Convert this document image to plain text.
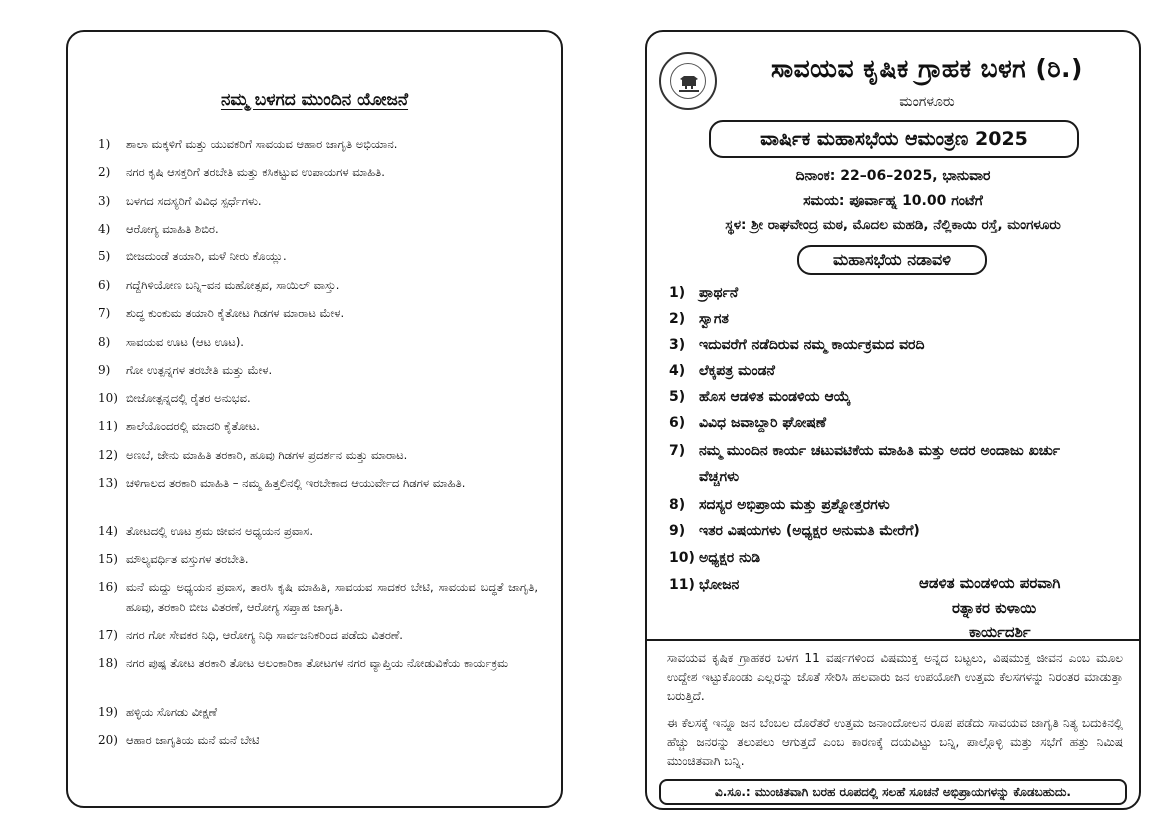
ನಮ್ಮ ಬಳಗದ ಮುಂದಿನ ಯೋಜನೆ
1)	ಶಾಲಾ ಮಕ್ಕಳಿಗೆ ಮತ್ತು ಯುವಕರಿಗೆ ಸಾವಯವ ಆಹಾರ ಜಾಗೃತಿ ಅಭಿಯಾನ.
2)	ನಗರ ಕೃಷಿ ಆಸಕ್ತರಿಗೆ ತರಬೇತಿ ಮತ್ತು ಕಸಿಕಟ್ಟುವ ಉಪಾಯಗಳ ಮಾಹಿತಿ.
3)	ಬಳಗದ ಸದಸ್ಯರಿಗೆ ವಿವಿಧ ಸ್ಪರ್ಧೆಗಳು.
4)	ಆರೋಗ್ಯ ಮಾಹಿತಿ ಶಿಬಿರ.
5)	ಬೀಜದುಂಡೆ ತಯಾರಿ, ಮಳೆ ನೀರು ಕೊಯ್ಲು.
6)	ಗದ್ದೆಗಿಳಿಯೋಣ ಬನ್ನಿ–ವನ ಮಹೋತ್ಸವ, ಸಾಯಿಲ್ ವಾಸ್ತು.
7)	ಶುದ್ಧ ಕುಂಕುಮ ತಯಾರಿ ಕೈತೋಟ ಗಿಡಗಳ ಮಾರಾಟ ಮೇಳ.
8)	ಸಾವಯವ ಊಟ (ಆಟ ಊಟ).
9)	ಗೋ ಉತ್ಪನ್ನಗಳ ತರಬೇತಿ ಮತ್ತು ಮೇಳ.
10) ಬೀಜೋತ್ಪನ್ನದಲ್ಲಿ ರೈತರ ಅನುಭವ.
11) ಶಾಲೆಯೊಂದರಲ್ಲಿ ಮಾದರಿ ಕೈತೋಟ.
12) ಅಣಬೆ, ಜೇನು ಮಾಹಿತಿ ತರಕಾರಿ, ಹೂವು ಗಿಡಗಳ ಪ್ರದರ್ಶನ ಮತ್ತು ಮಾರಾಟ.
13) ಚಳಿಗಾಲದ ತರಕಾರಿ ಮಾಹಿತಿ – ನಮ್ಮ ಹಿತ್ತಲಿನಲ್ಲಿ ಇರಬೇಕಾದ ಆಯುರ್ವೇದ ಗಿಡಗಳ ಮಾಹಿತಿ.
14) ತೋಟದಲ್ಲಿ ಊಟ ಶ್ರಮ ಜೀವನ ಅಧ್ಯಯನ ಪ್ರವಾಸ.
15) ಮೌಲ್ಯವರ್ಧಿತ ವಸ್ತುಗಳ ತರಬೇತಿ.
16) ಮನೆ ಮದ್ದು ಅಧ್ಯಯನ ಪ್ರವಾಸ, ತಾರಸಿ ಕೃಷಿ ಮಾಹಿತಿ, ಸಾವಯವ ಸಾದಕರ ಬೇಟಿ, ಸಾವಯವ ಬದ್ಧತೆ ಜಾಗೃತಿ, ಹೂವು, ತರಕಾರಿ ಬೀಜ ವಿತರಣೆ, ಆರೋಗ್ಯ ಸಪ್ತಾಹ ಜಾಗೃತಿ.
17) ನಗರ ಗೋ ಸೇವಕರ ನಿಧಿ, ಆರೋಗ್ಯ ನಿಧಿ ಸಾರ್ವಜನಿಕರಿಂದ ಪಡೆದು ವಿತರಣೆ.
18) ನಗರ ಪುಷ್ಪ ತೋಟ ತರಕಾರಿ ತೋಟ ಅಲಂಕಾರಿಕಾ ತೋಟಗಳ ನಗರ ವ್ಯಾಪ್ತಿಯ ನೋಡುವಿಕೆಯ ಕಾರ್ಯಕ್ರಮ
19) ಹಳ್ಳಿಯ ಸೊಗಡು ವೀಕ್ಷಣೆ
20) ಆಹಾರ ಜಾಗೃತಿಯ ಮನೆ ಮನೆ ಬೇಟಿ
ಸಾವಯವ ಕೃಷಿಕ ಗ್ರಾಹಕ ಬಳಗ (ರಿ.)
ಮಂಗಳೂರು
ವಾರ್ಷಿಕ ಮಹಾಸಭೆಯ ಆಮಂತ್ರಣ 2025
ದಿನಾಂಕ: 22–06–2025, ಭಾನುವಾರ
ಸಮಯ: ಪೂರ್ವಾಹ್ನ 10.00 ಗಂಟೆಗೆ
ಸ್ಥಳ: ಶ್ರೀ ರಾಘವೇಂದ್ರ ಮಠ, ಮೊದಲ ಮಹಡಿ, ನೆಲ್ಲಿಕಾಯಿ ರಸ್ತೆ, ಮಂಗಳೂರು
ಮಹಾಸಭೆಯ ನಡಾವಳಿ
1) ಪ್ರಾರ್ಥನೆ
2) ಸ್ವಾಗತ
3) ಇದುವರೆಗೆ ನಡೆದಿರುವ ನಮ್ಮ ಕಾರ್ಯಕ್ರಮದ ವರದಿ
4) ಲೆಕ್ಕಪತ್ರ ಮಂಡನೆ
5) ಹೊಸ ಆಡಳಿತ ಮಂಡಳಿಯ ಆಯ್ಕೆ
6) ವಿವಿಧ ಜವಾಬ್ದಾರಿ ಘೋಷಣೆ
7) ನಮ್ಮ ಮುಂದಿನ ಕಾರ್ಯ ಚಟುವಟಿಕೆಯ ಮಾಹಿತಿ ಮತ್ತು ಅದರ ಅಂದಾಜು ಖರ್ಚು ವೆಚ್ಚಗಳು
8) ಸದಸ್ಯರ ಅಭಿಪ್ರಾಯ ಮತ್ತು ಪ್ರಶ್ನೋತ್ತರಗಳು
9) ಇತರ ವಿಷಯಗಳು (ಅಧ್ಯಕ್ಷರ ಅನುಮತಿ ಮೇರೆಗೆ)
10) ಅಧ್ಯಕ್ಷರ ನುಡಿ
11) ಭೋಜನ	ಆಡಳಿತ ಮಂಡಳಿಯ ಪರವಾಗಿ
ರತ್ನಾಕರ ಕುಳಾಯಿ
ಕಾರ್ಯದರ್ಶಿ
ಸಾವಯವ ಕೃಷಿಕ ಗ್ರಾಹಕರ ಬಳಗ 11 ವರ್ಷಗಳಿಂದ ವಿಷಮುಕ್ತ ಅನ್ನದ ಬಟ್ಟಲು, ವಿಷಮುಕ್ತ ಜೀವನ ಎಂಬ ಮೂಲ ಉದ್ದೇಶ ಇಟ್ಟುಕೊಂಡು ಎಲ್ಲರನ್ನು ಜೊತೆ ಸೇರಿಸಿ ಹಲವಾರು ಜನ ಉಪಯೋಗಿ ಉತ್ತಮ ಕೆಲಸಗಳನ್ನು ನಿರಂತರ ಮಾಡುತ್ತಾ ಬರುತ್ತಿದೆ.
ಈ ಕೆಲಸಕ್ಕೆ ಇನ್ನೂ ಜನ ಬೆಂಬಲ ದೊರೆತರೆ ಉತ್ತಮ ಜನಾಂದೋಲನ ರೂಪ ಪಡೆದು ಸಾವಯವ ಜಾಗೃತಿ ನಿತ್ಯ ಬದುಕಿನಲ್ಲಿ ಹೆಚ್ಚು ಜನರನ್ನು ತಲುಪಲು ಆಗುತ್ತದೆ ಎಂಬ ಕಾರಣಕ್ಕೆ ದಯವಿಟ್ಟು ಬನ್ನಿ, ಪಾಲ್ಗೊಳ್ಳಿ ಮತ್ತು ಸಭೆಗೆ ಹತ್ತು ನಿಮಿಷ ಮುಂಚಿತವಾಗಿ ಬನ್ನಿ.
ವಿ.ಸೂ.: ಮುಂಚಿತವಾಗಿ ಬರಹ ರೂಪದಲ್ಲಿ ಸಲಹೆ ಸೂಚನೆ ಅಭಿಪ್ರಾಯಗಳನ್ನು ಕೊಡಬಹುದು.
